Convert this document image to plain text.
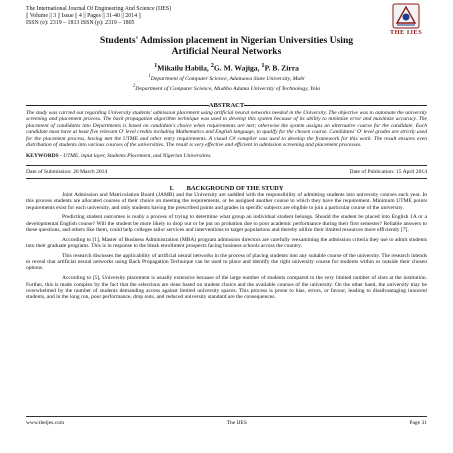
The International Journal Of Engineering And Science (IJES)
|| Volume || 3 || Issue || 4 || Pages || 31-40 || 2014 ||
ISSN (e): 2319 – 1813 ISSN (p): 2319 – 1805
THE IJES
Students' Admission placement in Nigerian Universities Using
Artificial Neural Networks
$^1$Mikailu Habila, $^2$G. M. Wajiga, $^1$P. B. Zirra
$^1$Department of Computer Science, Adamawa State University, Mubi
$^2$Department of Computer Science, Modibo Adama University of Technology, Yola
ABSTRACT
The study was carried out regarding University students' admission placement using artificial neural networks needed in the University. The objective was to automate the university screening and placement process. The back propagation algorithm technique was used to develop this system because of its ability to minimize error and maximize accuracy. The placement of candidates into Departments is based on candidate's choice when requirements are met; otherwise the system assigns an alternative course for the candidate. Each candidate must have at least five relevant O' level credits including Mathematics and English language, to qualify for the chosen course. Candidates' O' level grades are strictly used for the placement process, having met the UTME and other entry requirements. A visual C# compiler was used to develop the framework for this work. The result ensures even distribution of students into various courses of the universities. The result is very effective and efficient in admission screening and placement processes.
KEYWORDS - UTME, input layer, Students Placement, and Nigerian Universities.
Date of Submission: 20 March 2014	Date of Publication: 15 April 2014
I.        BACKGROUND OF THE STUDY

Joint Admission and Matriculation Board (JAMB) and the University are saddled with the responsibility of admitting students into university courses each year. In this process students are allocated courses of their choice on meeting the requirements, or be assigned another course in which they have the requirement. Minimum UTME points requirements exist for each university, and only students having the prescribed points and grades in specific subjects are eligible to join a particular course of the university.

Predicting student outcomes is really a process of trying to determine what group an individual student belongs. Should the student be placed into English 1A or a developmental English course? Will the student be more likely to drop out or be put on probation due to poor academic performance during their first semester? Reliable answers to these questions, and others like them, could help colleges tailor services and interventions to target populations and thereby utilize their limited resources more efficiently [7].

According to [1], Master of Business Administration (MBA) program admission directors are carefully reexamining the admission criteria they use to admit students into their graduate programs. This is in response to the bleak enrollment prospects facing business schools across the country.

This research discusses the applicability of artificial neural networks in the process of placing students into any suitable course of the university. The research intends to reveal that artificial neural networks using Back Propagation Technique can be used to place and identify the right university course for students within or outside their chosen options.

According to [5], University placement is usually extensive because of the large number of students compared to the very limited number of slots at the institution. Further, this is made complex by the fact that the selections are done based on student choice and the available courses of the university. On the other hand, the university may be overwhelmed by the number of students demanding access against limited university spaces. This process is prone to bias, errors, or favour, leading to disadvantaging innocent students, and in the long run, poor performance, drop outs, and reduced university standard are the consequences.

www.theijes.com	The IJES	Page 31
